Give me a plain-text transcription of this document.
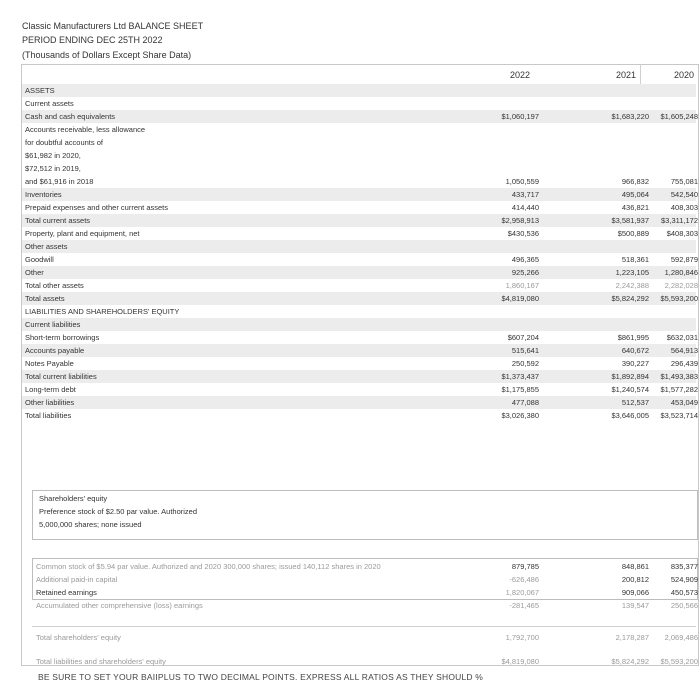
Classic Manufacturers Ltd BALANCE SHEET
PERIOD ENDING DEC 25TH 2022
(Thousands of Dollars Except Share Data)
2022	2021	2020
ASSETS
Current assets
Cash and cash equivalents	$1,060,197	$1,683,220	$1,605,248
Accounts receivable, less allowance
for doubtful accounts of
$61,982 in 2020,
$72,512 in 2019,
and $61,916 in 2018	1,050,559	966,832	755,081
Inventories	433,717	495,064	542,540
Prepaid expenses and other current assets	414,440	436,821	408,303
Total current assets	$2,958,913	$3,581,937	$3,311,172
Property, plant and equipment, net	$430,536	$500,889	$408,303
Other assets
Goodwill	496,365	518,361	592,879
Other	925,266	1,223,105	1,280,846
Total other assets	1,860,167	2,242,388	2,282,028
Total assets	$4,819,080	$5,824,292	$5,593,200
LIABILITIES AND SHAREHOLDERS' EQUITY
Current liabilities
Short-term borrowings	$607,204	$861,995	$632,031
Accounts payable	515,641	640,672	564,913
Notes Payable	250,592	390,227	296,439
Total current liabilities	$1,373,437	$1,892,894	$1,493,383
Long-term debt	$1,175,855	$1,240,574	$1,577,282
Other liabilities	477,088	512,537	453,049
Total liabilities	$3,026,380	$3,646,005	$3,523,714
Shareholders' equity
Preference stock of $2.50 par value. Authorized
5,000,000 shares; none issued
Common stock of $5.94 par value. Authorized and 2020 300,000 shares; issued 140,112 shares in 2020	879,785	848,861	835,377
Additional paid-in capital	-626,486	200,812	524,909
Retained earnings	1,820,067	909,066	450,573
Accumulated other comprehensive (loss) earnings	-281,465	139,547	250,566
Total shareholders' equity	1,792,700	2,178,287	2,069,486
Total liabilities and shareholders' equity	$4,819,080	$5,824,292	$5,593,200
BE SURE TO SET YOUR BAIIPLUS TO TWO DECIMAL POINTS. EXPRESS ALL RATIOS AS THEY SHOULD %
